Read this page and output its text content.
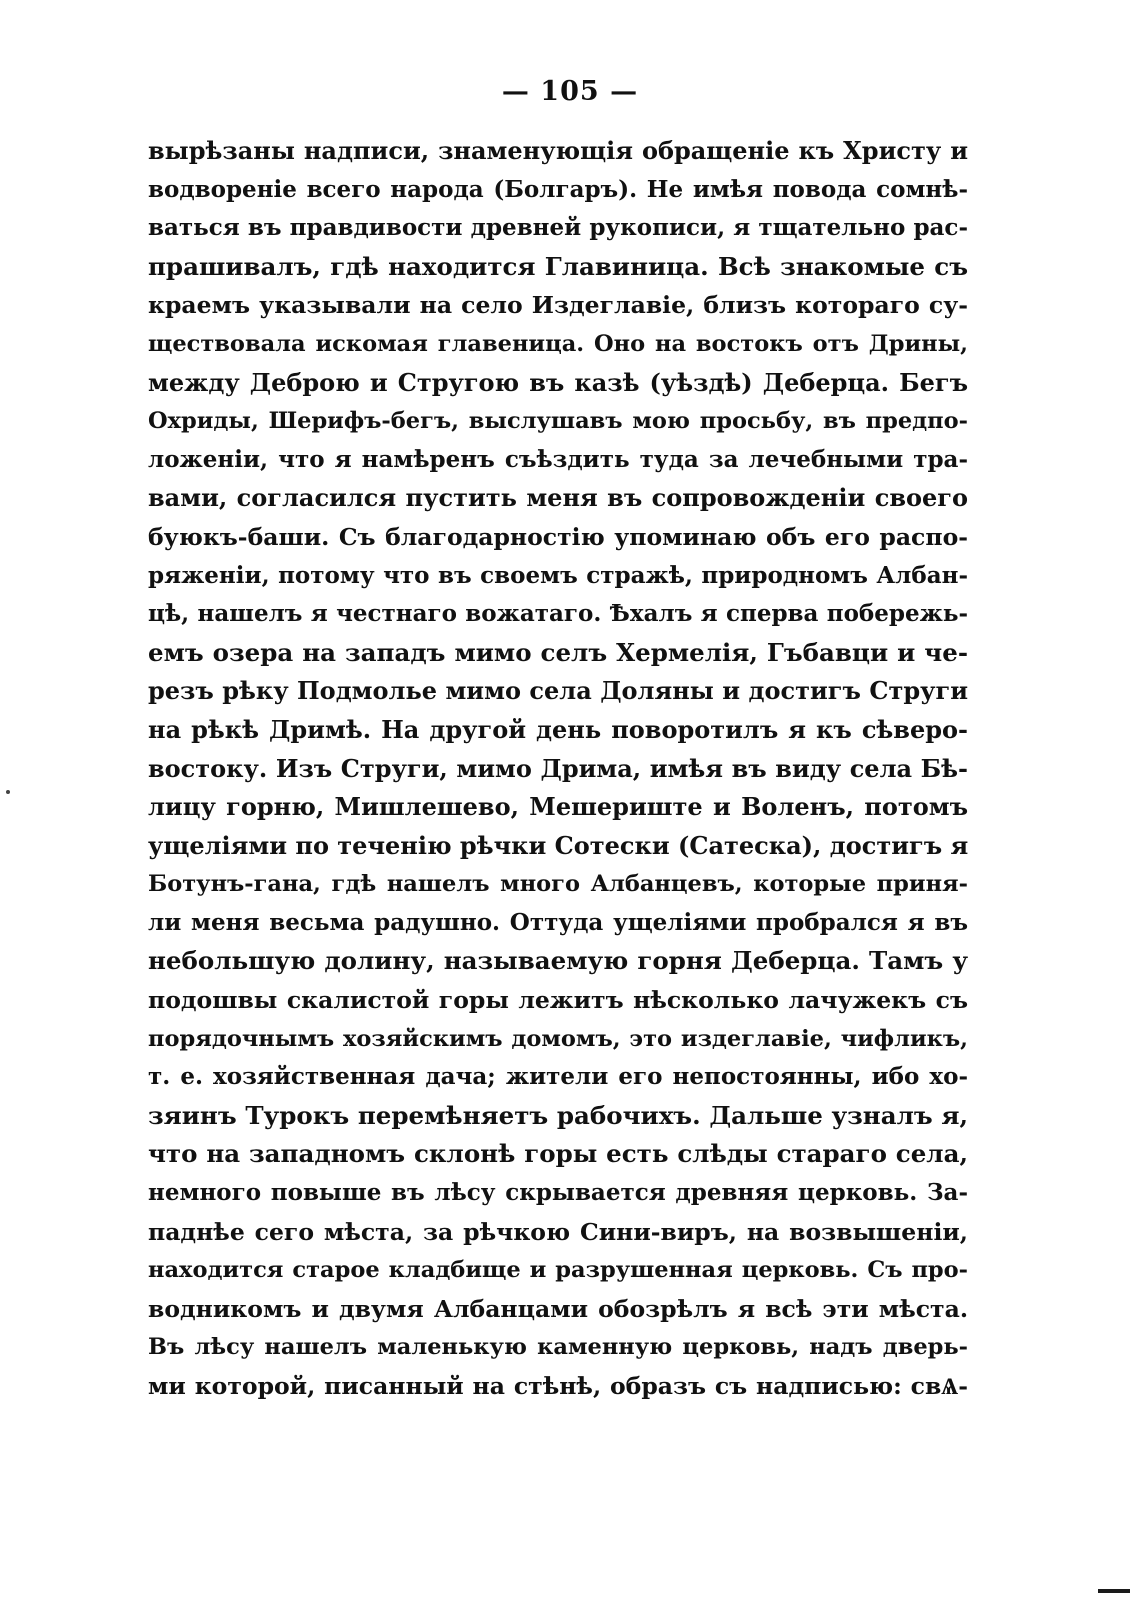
— 105 —
вырѣзаны надписи, знаменующія обращеніе къ Христу и
водвореніе всего народа (Болгаръ). Не имѣя повода сомнѣ-
ваться въ правдивости древней рукописи, я тщательно рас-
прашивалъ, гдѣ находится Главиница. Всѣ знакомые съ
краемъ указывали на село Издеглавіе, близъ котораго су-
ществовала искомая главеница. Оно на востокъ отъ Дрины,
между Деброю и Стругою въ казѣ (уѣздѣ) Деберца. Бегъ
Охриды, Шерифъ-бегъ, выслушавъ мою просьбу, въ предпо-
ложеніи, что я намѣренъ съѣздить туда за лечебными тра-
вами, согласился пустить меня въ сопровожденіи своего
буюкъ-баши. Съ благодарностію упоминаю объ его распо-
ряженіи, потому что въ своемъ стражѣ, природномъ Албан-
цѣ, нашелъ я честнаго вожатаго. Ѣхалъ я сперва побережь-
емъ озера на западъ мимо селъ Хермелія, Гъбавци и че-
резъ рѣку Подмолье мимо села Доляны и достигъ Струги
на рѣкѣ Дримѣ. На другой день поворотилъ я къ сѣверо-
востоку. Изъ Струги, мимо Дрима, имѣя въ виду села Бѣ-
лицу горню, Мишлешево, Мешериште и Воленъ, потомъ
ущеліями по теченію рѣчки Сотески (Сатеска), достигъ я
Ботунъ-гана, гдѣ нашелъ много Албанцевъ, которые приня-
ли меня весьма радушно. Оттуда ущеліями пробрался я въ
небольшую долину, называемую горня Деберца. Тамъ у
подошвы скалистой горы лежитъ нѣсколько лачужекъ съ
порядочнымъ хозяйскимъ домомъ, это издеглавіе, чифликъ,
т. е. хозяйственная дача; жители его непостоянны, ибо хо-
зяинъ Турокъ перемѣняетъ рабочихъ. Дальше узналъ я,
что на западномъ склонѣ горы есть слѣды стараго села,
немного повыше въ лѣсу скрывается древняя церковь. За-
паднѣе сего мѣста, за рѣчкою Сини-виръ, на возвышеніи,
находится старое кладбище и разрушенная церковь. Съ про-
водникомъ и двумя Албанцами обозрѣлъ я всѣ эти мѣста.
Въ лѣсу нашелъ маленькую каменную церковь, надъ дверь-
ми которой, писанный на стѣнѣ, образъ съ надписью: свѦ-
